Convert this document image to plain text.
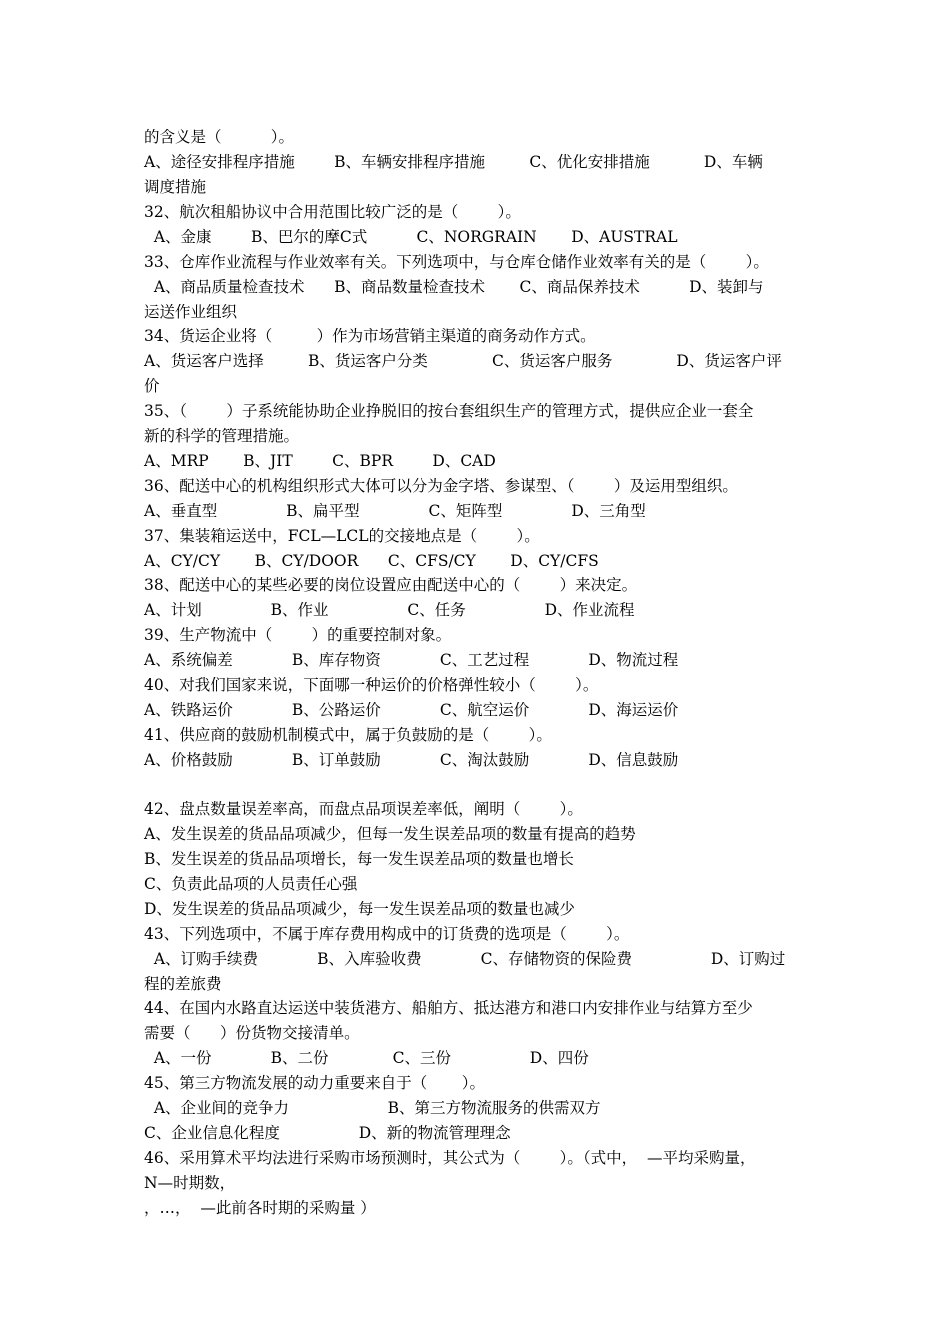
的含义是（          ）。
A、途径安排程序措施        B、车辆安排程序措施         C、优化安排措施           D、车辆
调度措施
32、航次租船协议中合用范围比较广泛的是（        ）。
A、金康        B、巴尔的摩C式          C、NORGRAIN       D、AUSTRAL
33、仓库作业流程与作业效率有关。下列选项中，与仓库仓储作业效率有关的是（        ）。
A、商品质量检查技术      B、商品数量检查技术       C、商品保养技术          D、装卸与
运送作业组织
34、货运企业将（         ）作为市场营销主渠道的商务动作方式。
A、货运客户选择         B、货运客户分类             C、货运客户服务             D、货运客户评
价
35、（        ）子系统能协助企业挣脱旧的按台套组织生产的管理方式，提供应企业一套全
新的科学的管理措施。
A、MRP       B、JIT        C、BPR        D、CAD
36、配送中心的机构组织形式大体可以分为金字塔、参谋型、（        ）及运用型组织。
A、垂直型              B、扁平型              C、矩阵型              D、三角型
37、集装箱运送中，FCL—LCL的交接地点是（        ）。
A、CY/CY       B、CY/DOOR      C、CFS/CY       D、CY/CFS
38、配送中心的某些必要的岗位设置应由配送中心的（        ）来决定。
A、计划              B、作业                C、任务                D、作业流程
39、生产物流中（        ）的重要控制对象。
A、系统偏差            B、库存物资            C、工艺过程            D、物流过程
40、对我们国家来说，下面哪一种运价的价格弹性较小（        ）。
A、铁路运价            B、公路运价            C、航空运价            D、海运运价
41、供应商的鼓励机制模式中，属于负鼓励的是（        ）。
A、价格鼓励            B、订单鼓励            C、淘汰鼓励            D、信息鼓励
42、盘点数量误差率高，而盘点品项误差率低，阐明（        ）。
A、发生误差的货品品项减少，但每一发生误差品项的数量有提高的趋势
B、发生误差的货品品项增长，每一发生误差品项的数量也增长
C、负责此品项的人员责任心强
D、发生误差的货品品项减少，每一发生误差品项的数量也减少
43、下列选项中，不属于库存费用构成中的订货费的选项是（        ）。
A、订购手续费            B、入库验收费            C、存储物资的保险费                D、订购过
程的差旅费
44、在国内水路直达运送中装货港方、船舶方、抵达港方和港口内安排作业与结算方至少
需要（      ）份货物交接清单。
A、一份            B、二份             C、三份                D、四份
45、第三方物流发展的动力重要来自于（       ）。
A、企业间的竞争力                    B、第三方物流服务的供需双方
C、企业信息化程度                D、新的物流管理理念
46、采用算术平均法进行采购市场预测时，其公式为（        ）。（式中，  —平均采购量，
N—时期数，
，…，  —此前各时期的采购量 ）
